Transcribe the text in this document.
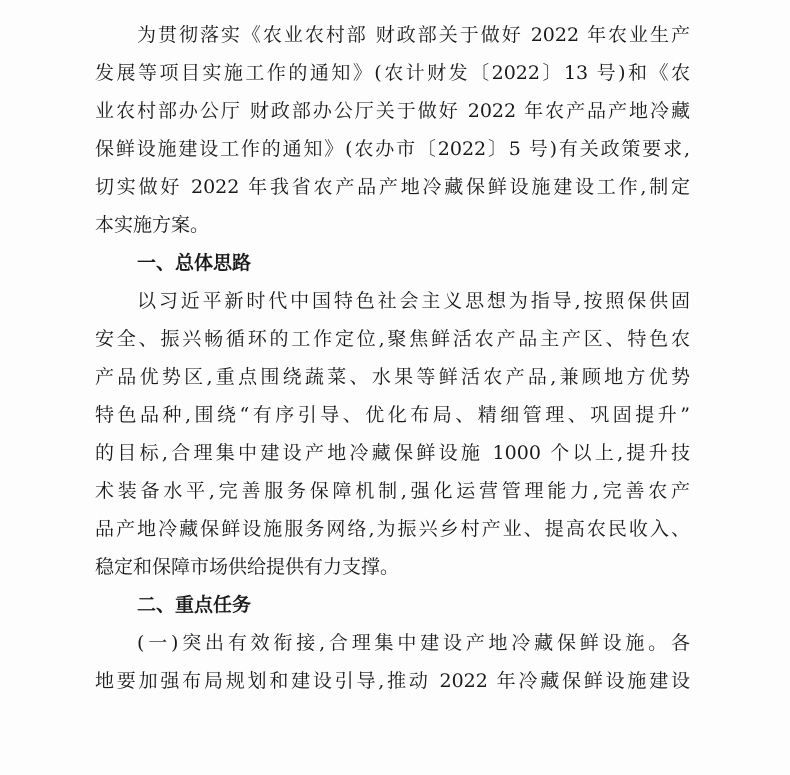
为贯彻落实《农业农村部 财政部关于做好 2022 年农业生产
发展等项目实施工作的通知》(农计财发〔2022〕13 号)和《农
业农村部办公厅 财政部办公厅关于做好 2022 年农产品产地冷藏
保鲜设施建设工作的通知》(农办市〔2022〕5 号)有关政策要求,
切实做好 2022 年我省农产品产地冷藏保鲜设施建设工作,制定
本实施方案。
一、总体思路
以习近平新时代中国特色社会主义思想为指导,按照保供固
安全、振兴畅循环的工作定位,聚焦鲜活农产品主产区、特色农
产品优势区,重点围绕蔬菜、水果等鲜活农产品,兼顾地方优势
特色品种,围绕“有序引导、优化布局、精细管理、巩固提升”
的目标,合理集中建设产地冷藏保鲜设施 1000 个以上,提升技
术装备水平,完善服务保障机制,强化运营管理能力,完善农产
品产地冷藏保鲜设施服务网络,为振兴乡村产业、提高农民收入、
稳定和保障市场供给提供有力支撑。
二、重点任务
(一)突出有效衔接,合理集中建设产地冷藏保鲜设施。各
地要加强布局规划和建设引导,推动 2022 年冷藏保鲜设施建设
